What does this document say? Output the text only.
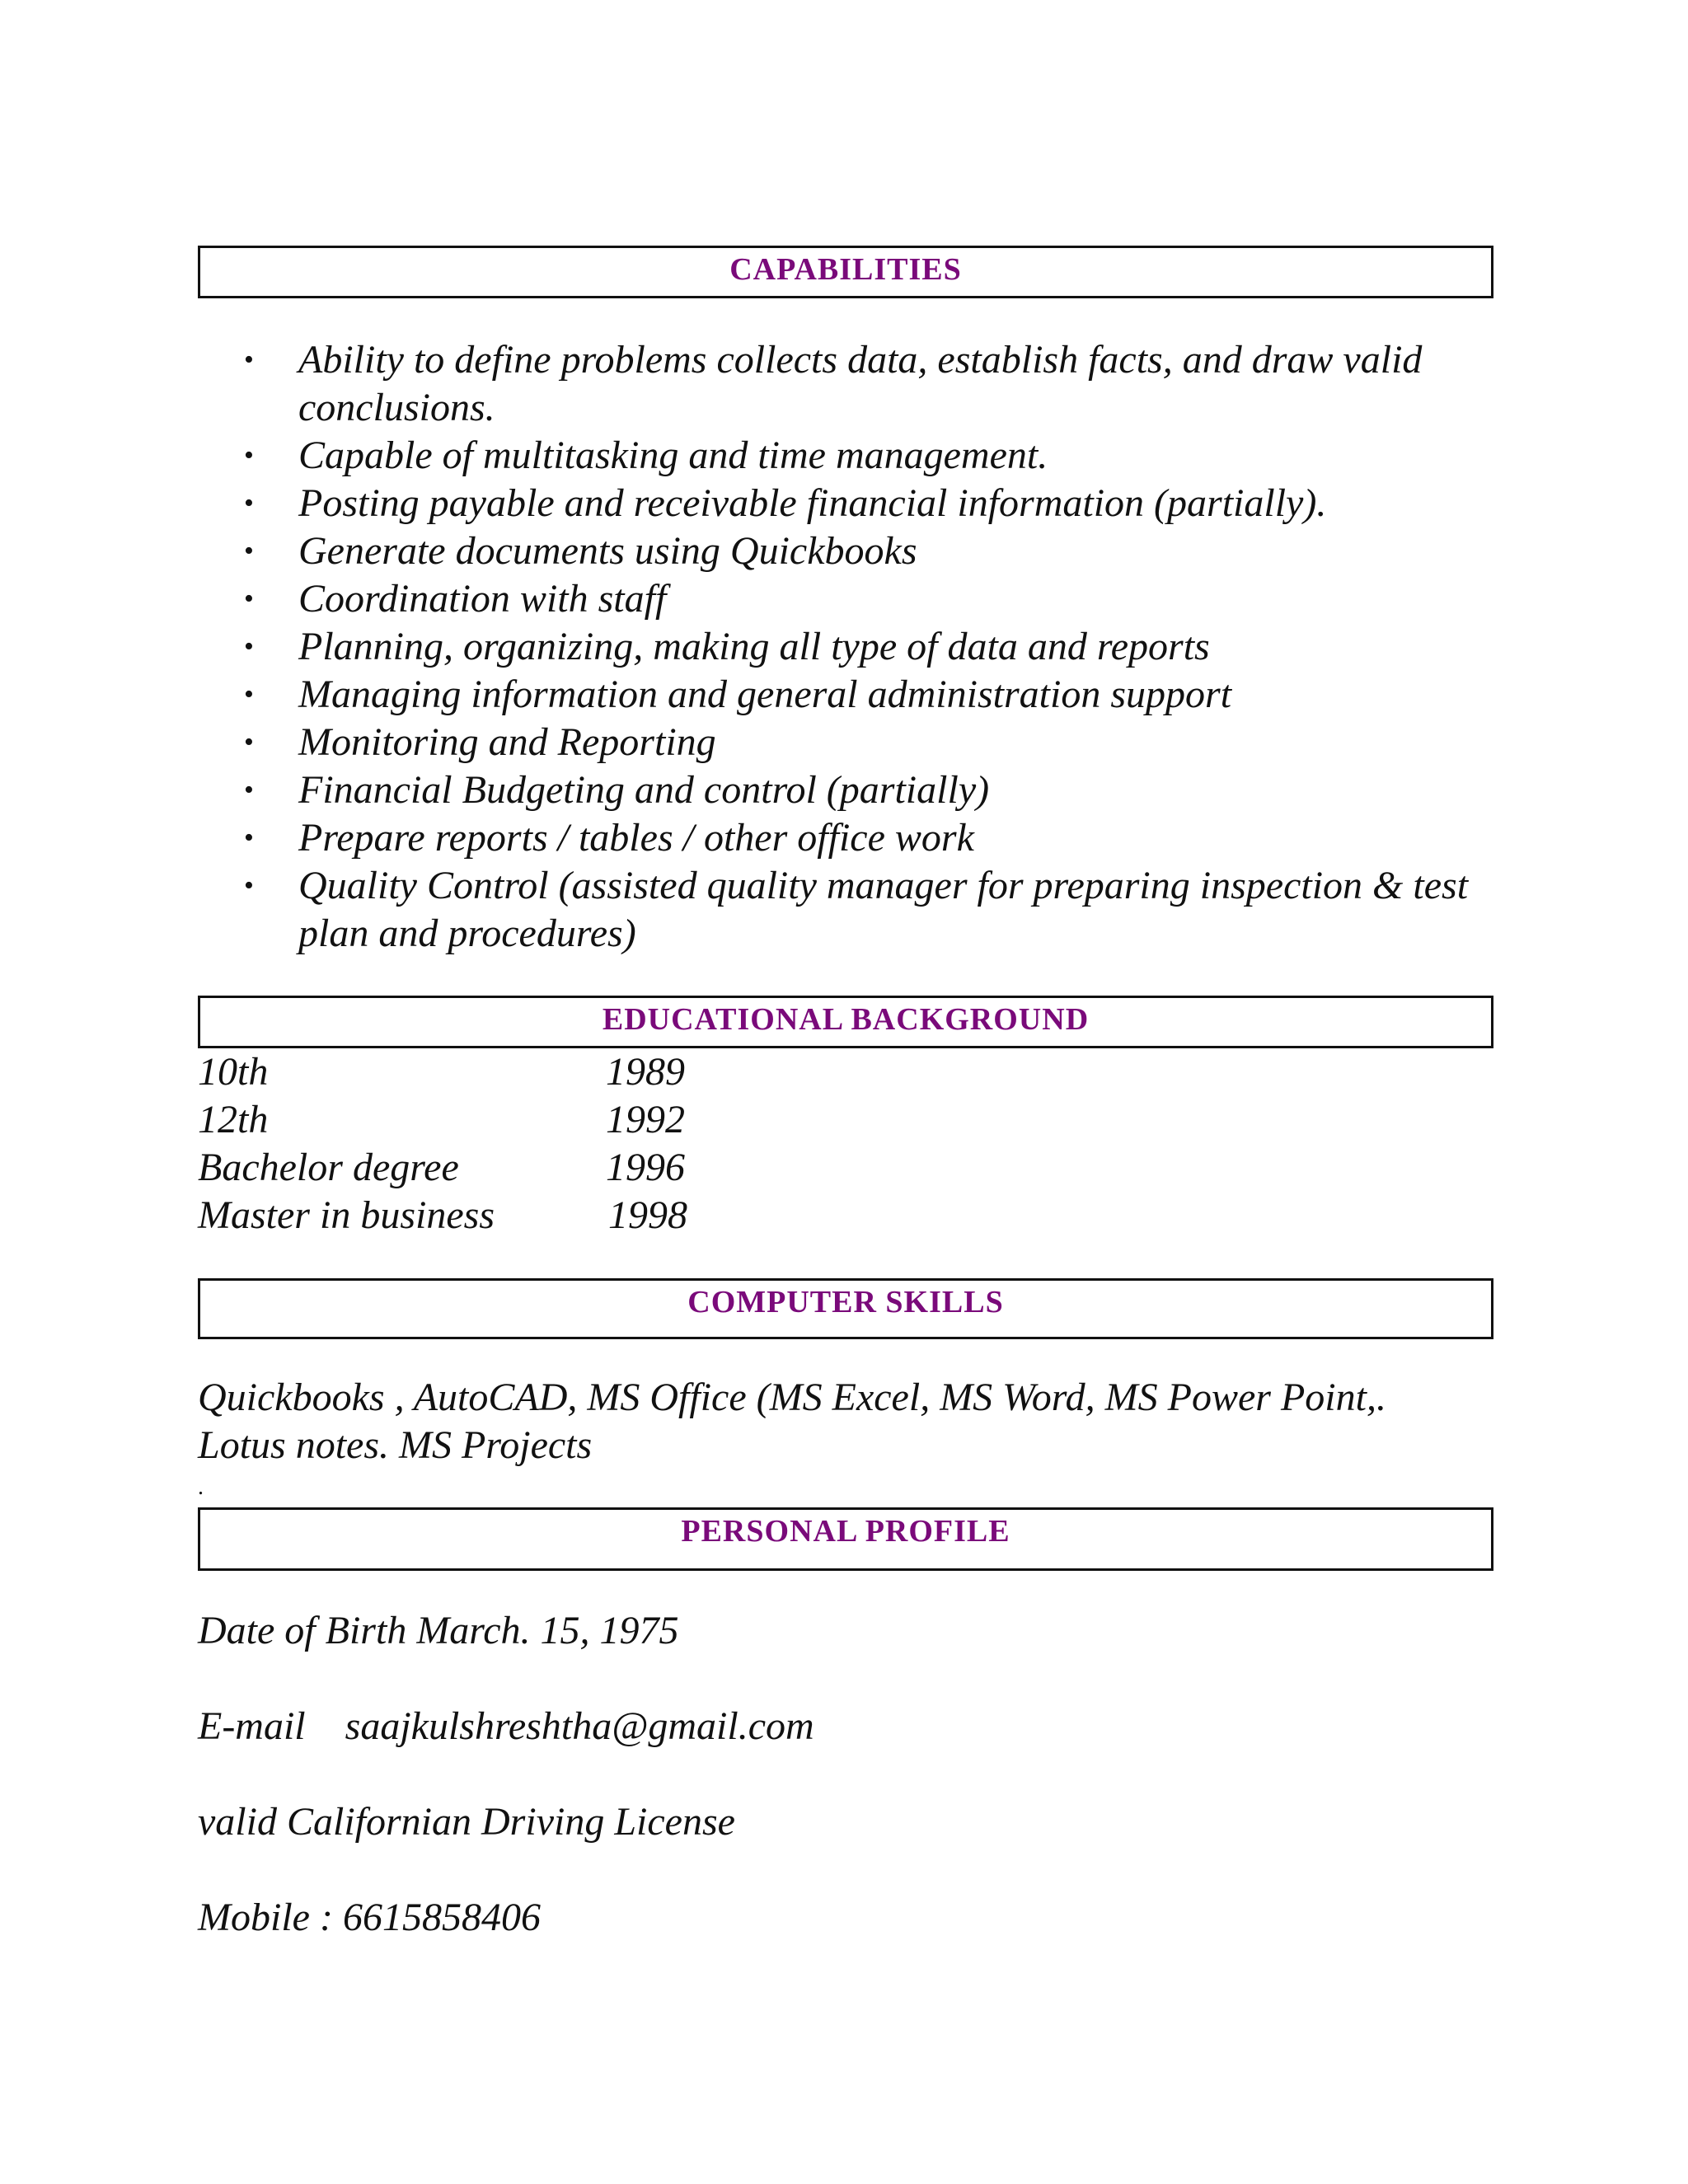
CAPABILITIES
• Ability to define problems collects data, establish facts, and draw valid conclusions.
• Capable of multitasking and time management.
• Posting payable and receivable financial information (partially).
• Generate documents using Quickbooks
• Coordination with staff
• Planning, organizing, making all type of data and reports
• Managing information and general administration support
• Monitoring and Reporting
• Financial Budgeting and control (partially)
• Prepare reports / tables / other office work
• Quality Control (assisted quality manager for preparing inspection & test plan and procedures)
EDUCATIONAL BACKGROUND
10th	1989
12th	1992
Bachelor degree	1996
Master in business	1998
COMPUTER SKILLS
Quickbooks , AutoCAD, MS Office (MS Excel, MS Word, MS Power Point,.
Lotus notes. MS Projects
.
PERSONAL PROFILE
Date of Birth March. 15, 1975
E-mail    saajkulshreshtha@gmail.com
valid Californian Driving License
Mobile : 6615858406
